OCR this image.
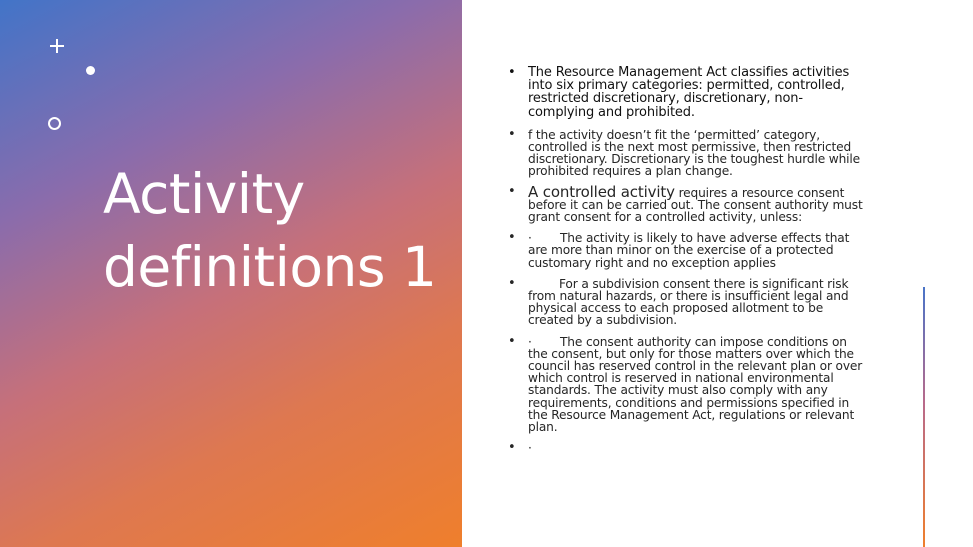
Activity definitions 1
• The Resource Management Act classifies activities into six primary categories: permitted, controlled, restricted discretionary, discretionary, non-complying and prohibited.
•	f the activity doesn’t fit the ‘permitted’ category, controlled is the next most permissive, then restricted discretionary. Discretionary is the toughest hurdle while prohibited requires a plan change.
• A controlled activity requires a resource consent before it can be carried out. The consent authority must grant consent for a controlled activity, unless:
•	· The activity is likely to have adverse effects that are more than minor on the exercise of a protected customary right and no exception applies
•	For a subdivision consent there is significant risk from natural hazards, or there is insufficient legal and physical access to each proposed allotment to be created by a subdivision.
•	· The consent authority can impose conditions on the consent, but only for those matters over which the council has reserved control in the relevant plan or over which control is reserved in national environmental standards. The activity must also comply with any requirements, conditions and permissions specified in the Resource Management Act, regulations or relevant plan.
•	·
